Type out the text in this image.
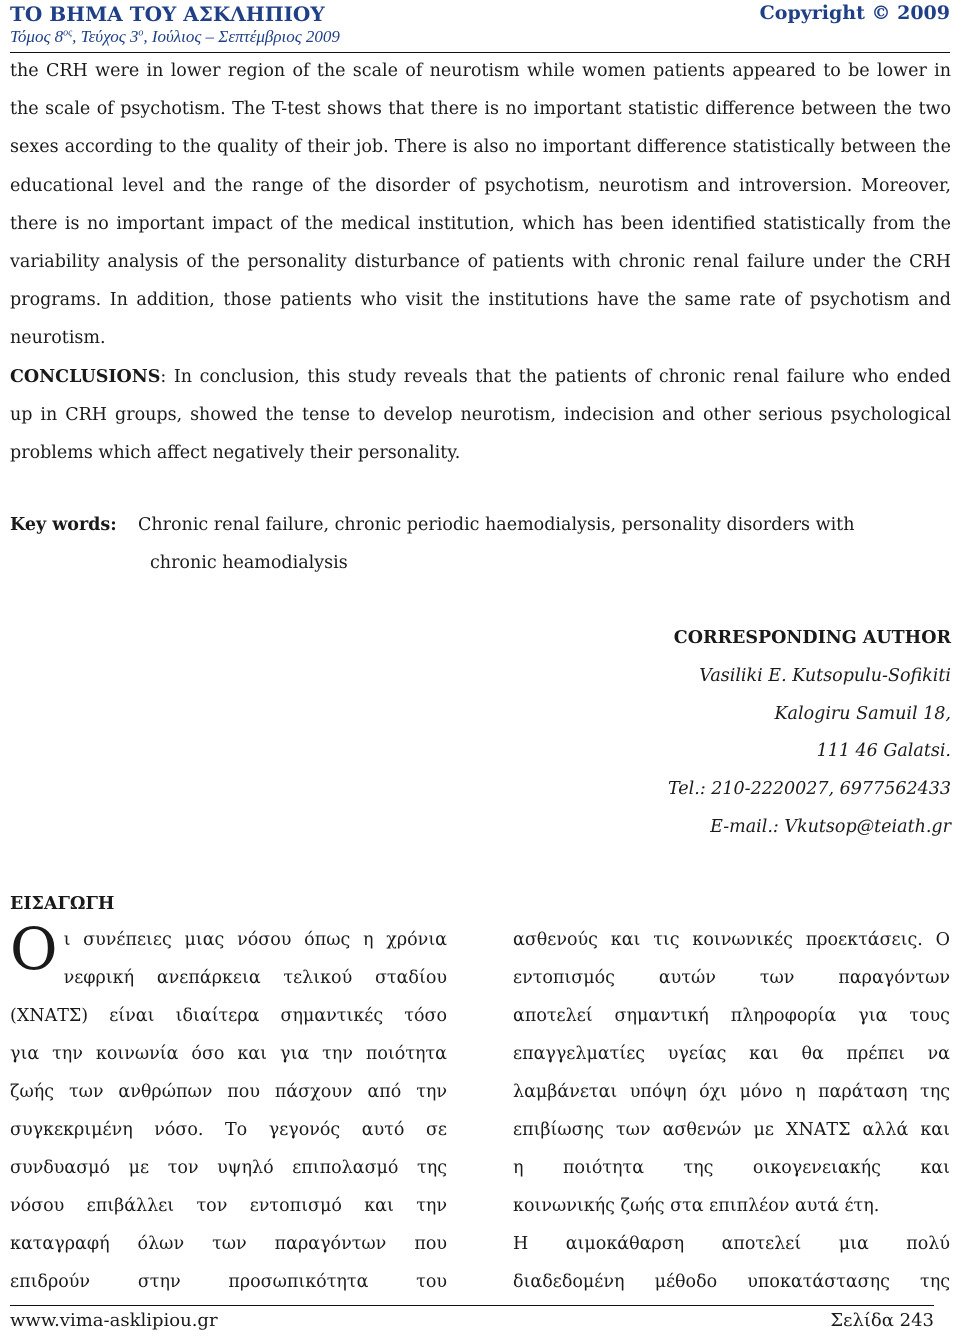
ΤΟ ΒΗΜΑ ΤΟΥ ΑΣΚΛΗΠΙΟΥ	Copyright © 2009
Τόμος $8^{o\varsigma}$, Τεύχος $3^o$, Ιούλιος – Σεπτέμβριος 2009

the CRH were in lower region of the scale of neurotism while women patients appeared to be lower in the scale of psychotism. The T-test shows that there is no important statistic difference between the two sexes according to the quality of their job. There is also no important difference statistically between the educational level and the range of the disorder of psychotism, neurotism and introversion. Moreover, there is no important impact of the medical institution, which has been identified statistically from the variability analysis of the personality disturbance of patients with chronic renal failure under the CRH programs. In addition, those patients who visit the institutions have the same rate of psychotism and neurotism.

CONCLUSIONS: In conclusion, this study reveals that the patients of chronic renal failure who ended up in CRH groups, showed the tense to develop neurotism, indecision and other serious psychological problems which affect negatively their personality.

Key words: Chronic renal failure, chronic periodic haemodialysis, personality disorders with
chronic heamodialysis
CORRESPONDING AUTHOR
Vasiliki E. Kutsopulu-Sofikiti
Kalogiru Samuil 18,
111 46 Galatsi.
Tel.: 210-2220027, 6977562433
E-mail.: Vkutsop@teiath.gr
ΕΙΣΑΓΩΓΗ
Ο ι συνέπειες μιας νόσου όπως η χρόνια
νεφρική ανεπάρκεια τελικού σταδίου
(ΧΝΑΤΣ) είναι ιδιαίτερα σημαντικές τόσο
για την κοινωνία όσο και για την ποιότητα
ζωής των ανθρώπων που πάσχουν από την
συγκεκριμένη νόσο. Το γεγονός αυτό σε
συνδυασμό με τον υψηλό επιπολασμό της
νόσου επιβάλλει τον εντοπισμό και την
καταγραφή όλων των παραγόντων που
επιδρούν στην προσωπικότητα του
ασθενούς και τις κοινωνικές προεκτάσεις. Ο
εντοπισμός αυτών των παραγόντων
αποτελεί σημαντική πληροφορία για τους
επαγγελματίες υγείας και θα πρέπει να
λαμβάνεται υπόψη όχι μόνο η παράταση της
επιβίωσης των ασθενών με ΧΝΑΤΣ αλλά και
η ποιότητα της οικογενειακής και
κοινωνικής ζωής στα επιπλέον αυτά έτη.
Η αιμοκάθαρση αποτελεί μια πολύ
διαδεδομένη μέθοδο υποκατάστασης της
www.vima-asklipiou.gr	Σελίδα 243
